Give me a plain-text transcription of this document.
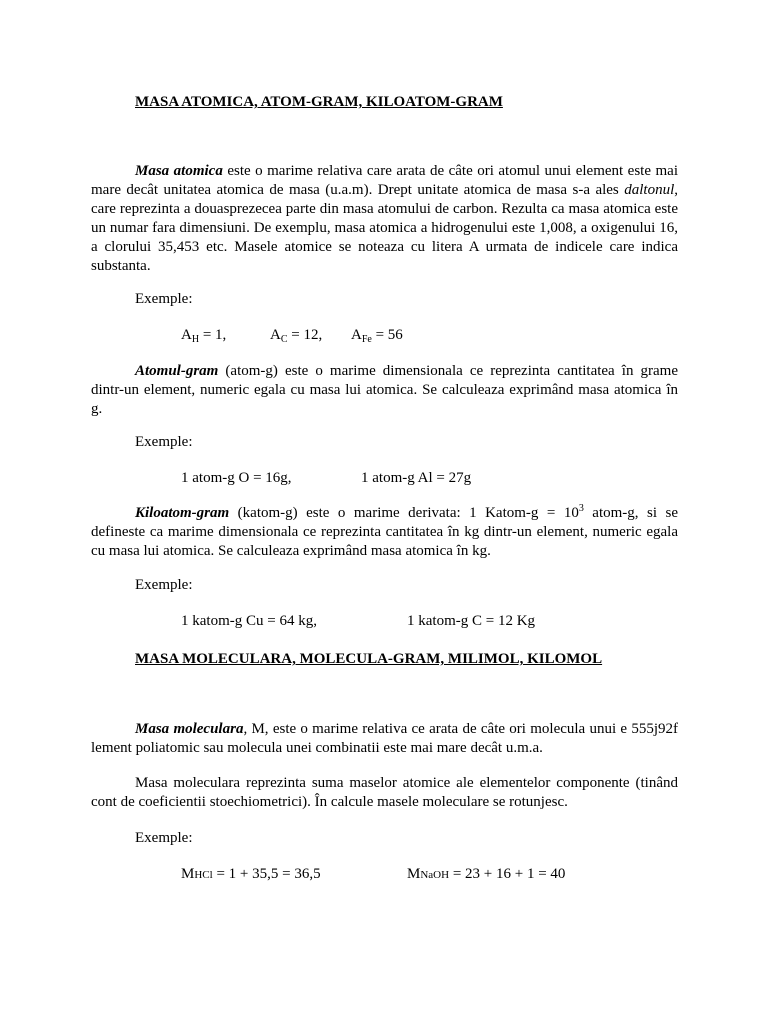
MASA ATOMICA, ATOM-GRAM, KILOATOM-GRAM
Masa atomica este o marime relativa care arata de câte ori atomul unui element este mai
mare decât unitatea atomica de masa (u.a.m). Drept unitate atomica de masa s-a ales daltonul,
care reprezinta a douasprezecea parte din masa atomului de carbon. Rezulta ca masa atomica este
un numar fara dimensiuni. De exemplu, masa atomica a hidrogenului este 1,008, a oxigenului 16,
a clorului 35,453 etc. Masele atomice se noteaza cu litera A urmata de indicele care indica
substanta.
Exemple:
$A_H = 1$,	$A_C = 12$, $A_{Fe} = 56$
Atomul-gram (atom-g) este o marime dimensionala ce reprezinta cantitatea în grame
dintr-un element, numeric egala cu masa lui atomica. Se calculeaza exprimând masa atomica în
g.
Exemple:
1 atom-g O = 16g,	1 atom-g Al = 27g
Kiloatom-gram (katom-g) este o marime derivata: 1 Katom-g = $10^3$ atom-g, si se
defineste ca marime dimensionala ce reprezinta cantitatea în kg dintr-un element, numeric egala
cu masa lui atomica. Se calculeaza exprimând masa atomica în kg.
Exemple:
1 katom-g Cu = 64 kg,	1 katom-g C = 12 Kg
MASA MOLECULARA, MOLECULA-GRAM, MILIMOL, KILOMOL
Masa moleculara, M, este o marime relativa ce arata de câte ori molecula unui e 555j92f
lement poliatomic sau molecula unei combinatii este mai mare decât u.m.a.
Masa moleculara reprezinta suma maselor atomice ale elementelor componente (tinând
cont de coeficientii stoechiometrici). În calcule masele moleculare se rotunjesc.
Exemple:
MHCl = 1 + 35,5 = 36,5	MNaOH = 23 + 16 + 1 = 40
